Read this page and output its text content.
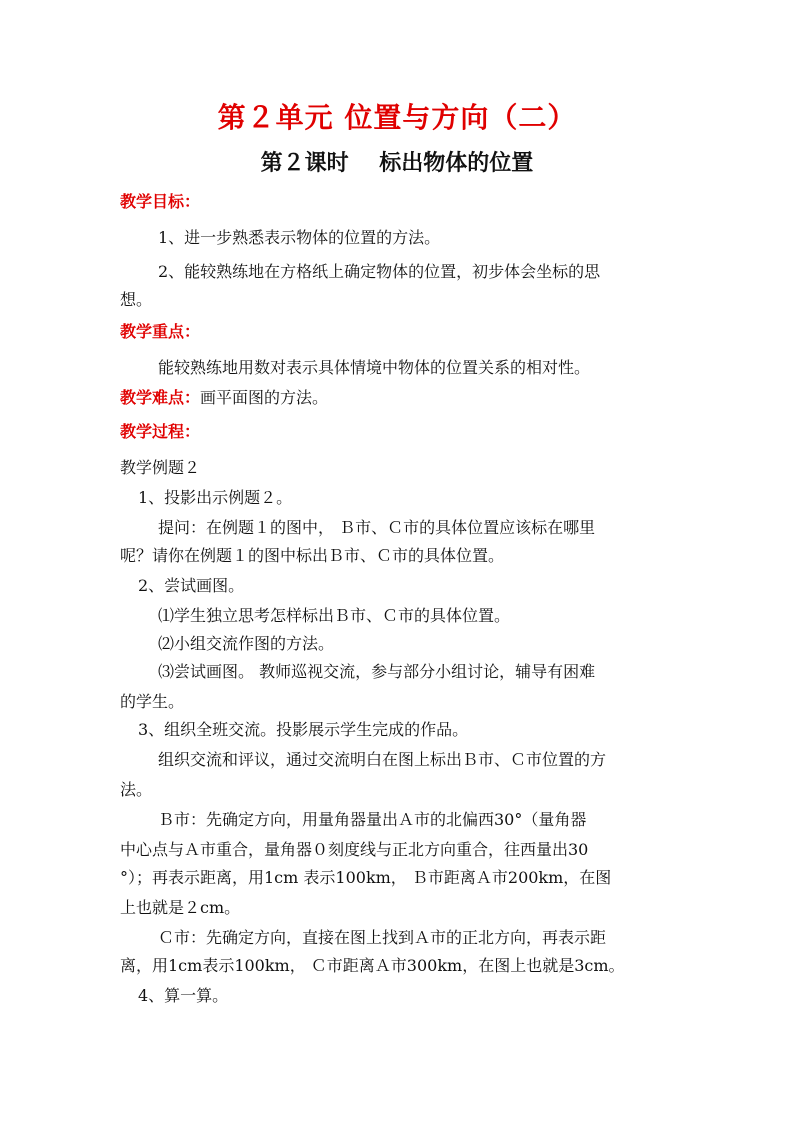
第２单元 位置与方向（二）
第２课时    标出物体的位置
教学目标：
1、进一步熟悉表示物体的位置的方法。
2、能较熟练地在方格纸上确定物体的位置，初步体会坐标的思
想。
教学重点：
能较熟练地用数对表示具体情境中物体的位置关系的相对性。
教学难点：画平面图的方法。
教学过程：
教学例题２
1、投影出示例题２。
提问：在例题１的图中， Ｂ市、Ｃ市的具体位置应该标在哪里
呢？请你在例题１的图中标出Ｂ市、Ｃ市的具体位置。
2、尝试画图。
⑴学生独立思考怎样标出Ｂ市、Ｃ市的具体位置。
⑵小组交流作图的方法。
⑶尝试画图。 教师巡视交流，参与部分小组讨论，辅导有困难
的学生。
3、组织全班交流。投影展示学生完成的作品。
组织交流和评议，通过交流明白在图上标出Ｂ市、Ｃ市位置的方
法。
Ｂ市：先确定方向，用量角器量出Ａ市的北偏西30°（量角器
中心点与Ａ市重合，量角器０刻度线与正北方向重合，往西量出30
°）；再表示距离，用1cm 表示100km， Ｂ市距离Ａ市200km，在图
上也就是２cm。
Ｃ市：先确定方向，直接在图上找到Ａ市的正北方向，再表示距
离，用1cm表示100km， Ｃ市距离Ａ市300km，在图上也就是3cm。
4、算一算。
